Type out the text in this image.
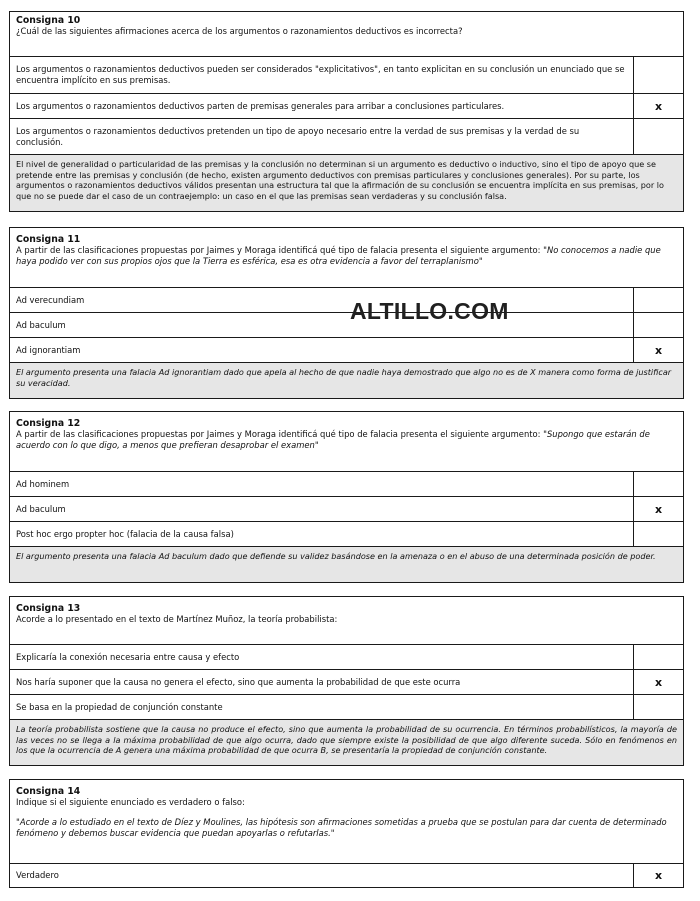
Consigna 10
¿Cuál de las siguientes afirmaciones acerca de los argumentos o razonamientos deductivos es incorrecta?
Los argumentos o razonamientos deductivos pueden ser considerados "explicitativos", en tanto explicitan en su conclusión un enunciado que se encuentra implícito en sus premisas.
Los argumentos o razonamientos deductivos parten de premisas generales para arribar a conclusiones particulares.	x
Los argumentos o razonamientos deductivos pretenden un tipo de apoyo necesario entre la verdad de sus premisas y la verdad de su conclusión.
El nivel de generalidad o particularidad de las premisas y la conclusión no determinan si un argumento es deductivo o inductivo, sino el tipo de apoyo que se pretende entre las premisas y conclusión (de hecho, existen argumento deductivos con premisas particulares y conclusiones generales). Por su parte, los argumentos o razonamientos deductivos válidos presentan una estructura tal que la afirmación de su conclusión se encuentra implícita en sus premisas, por lo que no se puede dar el caso de un contraejemplo: un caso en el que las premisas sean verdaderas y su conclusión falsa.
Consigna 11
A partir de las clasificaciones propuestas por Jaimes y Moraga identificá qué tipo de falacia presenta el siguiente argumento: "No conocemos a nadie que haya podido ver con sus propios ojos que la Tierra es esférica, esa es otra evidencia a favor del terraplanismo"
Ad verecundiam
Ad baculum
Ad ignorantiam	x
El argumento presenta una falacia Ad ignorantiam dado que apela al hecho de que nadie haya demostrado que algo no es de X manera como forma de justificar su veracidad.
Consigna 12
A partir de las clasificaciones propuestas por Jaimes y Moraga identificá qué tipo de falacia presenta el siguiente argumento: "Supongo que estarán de acuerdo con lo que digo, a menos que prefieran desaprobar el examen"
Ad hominem
Ad baculum	x
Post hoc ergo propter hoc (falacia de la causa falsa)
El argumento presenta una falacia Ad baculum dado que defiende su validez basándose en la amenaza o en el abuso de una determinada posición de poder.
Consigna 13
Acorde a lo presentado en el texto de Martínez Muñoz, la teoría probabilista:
Explicaría la conexión necesaria entre causa y efecto
Nos haría suponer que la causa no genera el efecto, sino que aumenta la probabilidad de que este ocurra	x
Se basa en la propiedad de conjunción constante
La teoría probabilista sostiene que la causa no produce el efecto, sino que aumenta la probabilidad de su ocurrencia. En términos probabilísticos, la mayoría de las veces no se llega a la máxima probabilidad de que algo ocurra, dado que siempre existe la posibilidad de que algo diferente suceda. Sólo en fenómenos en los que la ocurrencia de A genera una máxima probabilidad de que ocurra B, se presentaría la propiedad de conjunción constante.
Consigna 14
Indique si el siguiente enunciado es verdadero o falso:
"Acorde a lo estudiado en el texto de Díez y Moulines, las hipótesis son afirmaciones sometidas a prueba que se postulan para dar cuenta de determinado fenómeno y debemos buscar evidencia que puedan apoyarlas o refutarlas."
Verdadero	x
ALTILLO.COM
